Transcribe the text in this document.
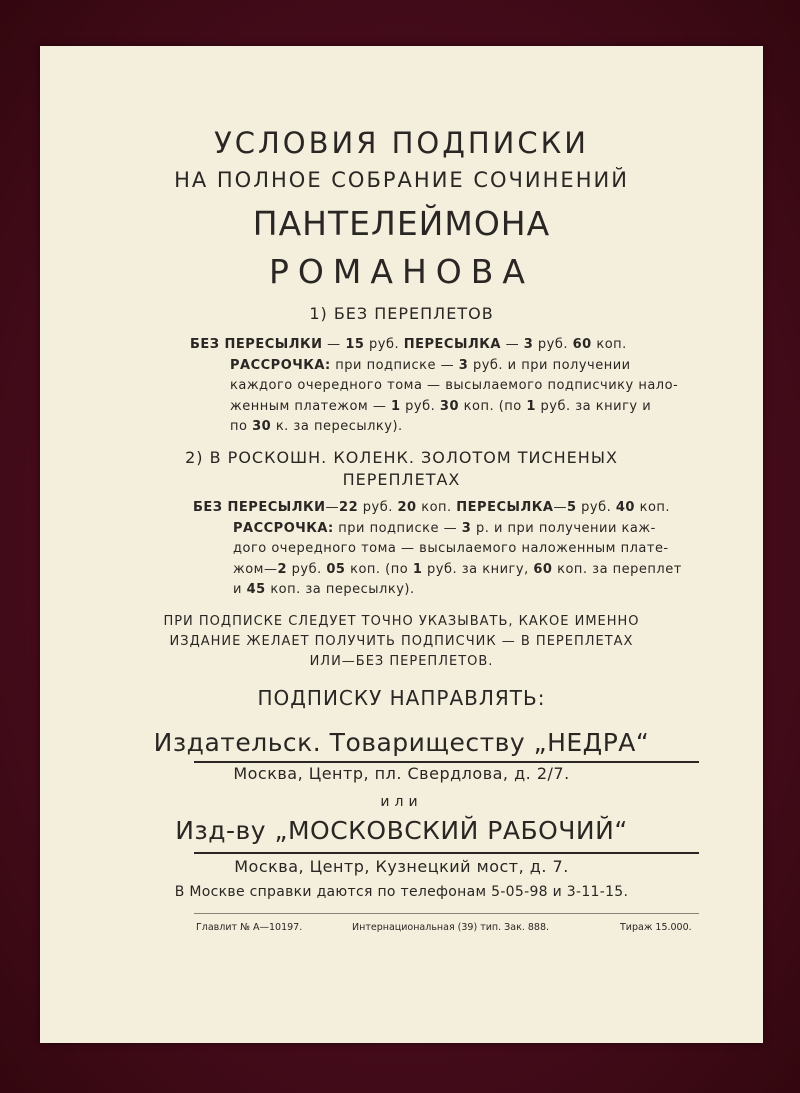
УСЛОВИЯ ПОДПИСКИ
НА ПОЛНОЕ СОБРАНИЕ СОЧИНЕНИЙ
ПАНТЕЛЕЙМОНА
РОМАНОВА
1) БЕЗ ПЕРЕПЛЕТОВ
БЕЗ ПЕРЕСЫЛКИ — 15 руб. ПЕРЕСЫЛКА — 3 руб. 60 коп.
РАССРОЧКА: при подписке — 3 руб. и при получении
каждого очередного тома — высылаемого подписчику нало-
женным платежом — 1 руб. 30 коп. (по 1 руб. за книгу и
по 30 к. за пересылку).
2) В РОСКОШН. КОЛЕНК. ЗОЛОТОМ ТИСНЕНЫХ
ПЕРЕПЛЕТАХ
БЕЗ ПЕРЕСЫЛКИ—22 руб. 20 коп. ПЕРЕСЫЛКА—5 руб. 40 коп.
РАССРОЧКА: при подписке — 3 р. и при получении каж-
дого очередного тома — высылаемого наложенным плате-
жом—2 руб. 05 коп. (по 1 руб. за книгу, 60 коп. за переплет
и 45 коп. за пересылку).
ПРИ ПОДПИСКЕ СЛЕДУЕТ ТОЧНО УКАЗЫВАТЬ, КАКОЕ ИМЕННО
ИЗДАНИЕ ЖЕЛАЕТ ПОЛУЧИТЬ ПОДПИСЧИК — В ПЕРЕПЛЕТАХ
ИЛИ—БЕЗ ПЕРЕПЛЕТОВ.
ПОДПИСКУ НАПРАВЛЯТЬ:
Издательск. Товариществу „НЕДРА“
Москва, Центр, пл. Свердлова, д. 2/7.
или
Изд-ву „МОСКОВСКИЙ РАБОЧИЙ“
Москва, Центр, Кузнецкий мост, д. 7.
В Москве справки даются по телефонам 5-05-98 и 3-11-15.
Главлит № А—10197.	Интернациональная (39) тип. Зак. 888.	Тираж 15.000.
